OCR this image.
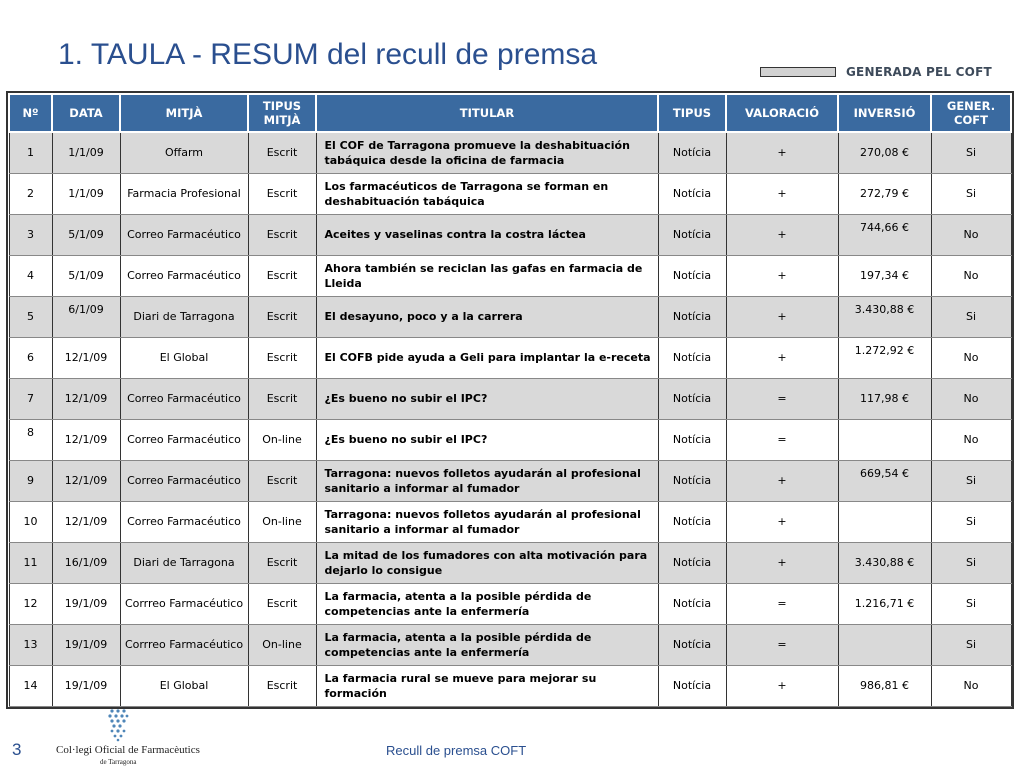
1. TAULA - RESUM del recull de premsa
GENERADA PEL COFT
Nº	DATA	MITJÀ	TIPUS MITJÀ	TITULAR	TIPUS	VALORACIÓ	INVERSIÓ	GENER. COFT
1	1/1/09	Offarm	Escrit	El COF de Tarragona promueve la deshabituación tabáquica desde la oficina de farmacia	Notícia	+	270,08 €	Si
2	1/1/09	Farmacia Profesional	Escrit	Los farmacéuticos de Tarragona se forman en deshabituación tabáquica	Notícia	+	272,79 €	Si
3	5/1/09	Correo Farmacéutico	Escrit	Aceites y vaselinas contra la costra láctea	Notícia	+	744,66 €	No
4	5/1/09	Correo Farmacéutico	Escrit	Ahora también se reciclan las gafas en farmacia de Lleida	Notícia	+	197,34 €	No
5	6/1/09	Diari de Tarragona	Escrit	El desayuno, poco y a la carrera	Notícia	+	3.430,88 €	Si
6	12/1/09	El Global	Escrit	El COFB pide ayuda a Geli para implantar la e-receta	Notícia	+	1.272,92 €	No
7	12/1/09	Correo Farmacéutico	Escrit	¿Es bueno no subir el IPC?	Notícia	=	117,98 €	No
8	12/1/09	Correo Farmacéutico	On-line	¿Es bueno no subir el IPC?	Notícia	=		No
9	12/1/09	Correo Farmacéutico	Escrit	Tarragona: nuevos folletos ayudarán al profesional sanitario a informar al fumador	Notícia	+	669,54 €	Si
10	12/1/09	Correo Farmacéutico	On-line	Tarragona: nuevos folletos ayudarán al profesional sanitario a informar al fumador	Notícia	+		Si
11	16/1/09	Diari de Tarragona	Escrit	La mitad de los fumadores con alta motivación para dejarlo lo consigue	Notícia	+	3.430,88 €	Si
12	19/1/09	Corrreo Farmacéutico	Escrit	La farmacia, atenta a la posible pérdida de competencias ante la enfermería	Notícia	=	1.216,71 €	Si
13	19/1/09	Corrreo Farmacéutico	On-line	La farmacia, atenta a la posible pérdida de competencias ante la enfermería	Notícia	=		Si
14	19/1/09	El Global	Escrit	La farmacia rural se mueve para mejorar su formación	Notícia	+	986,81 €	No
Col·legi Oficial de Farmacèutics
de Tarragona
3	Recull de premsa COFT
